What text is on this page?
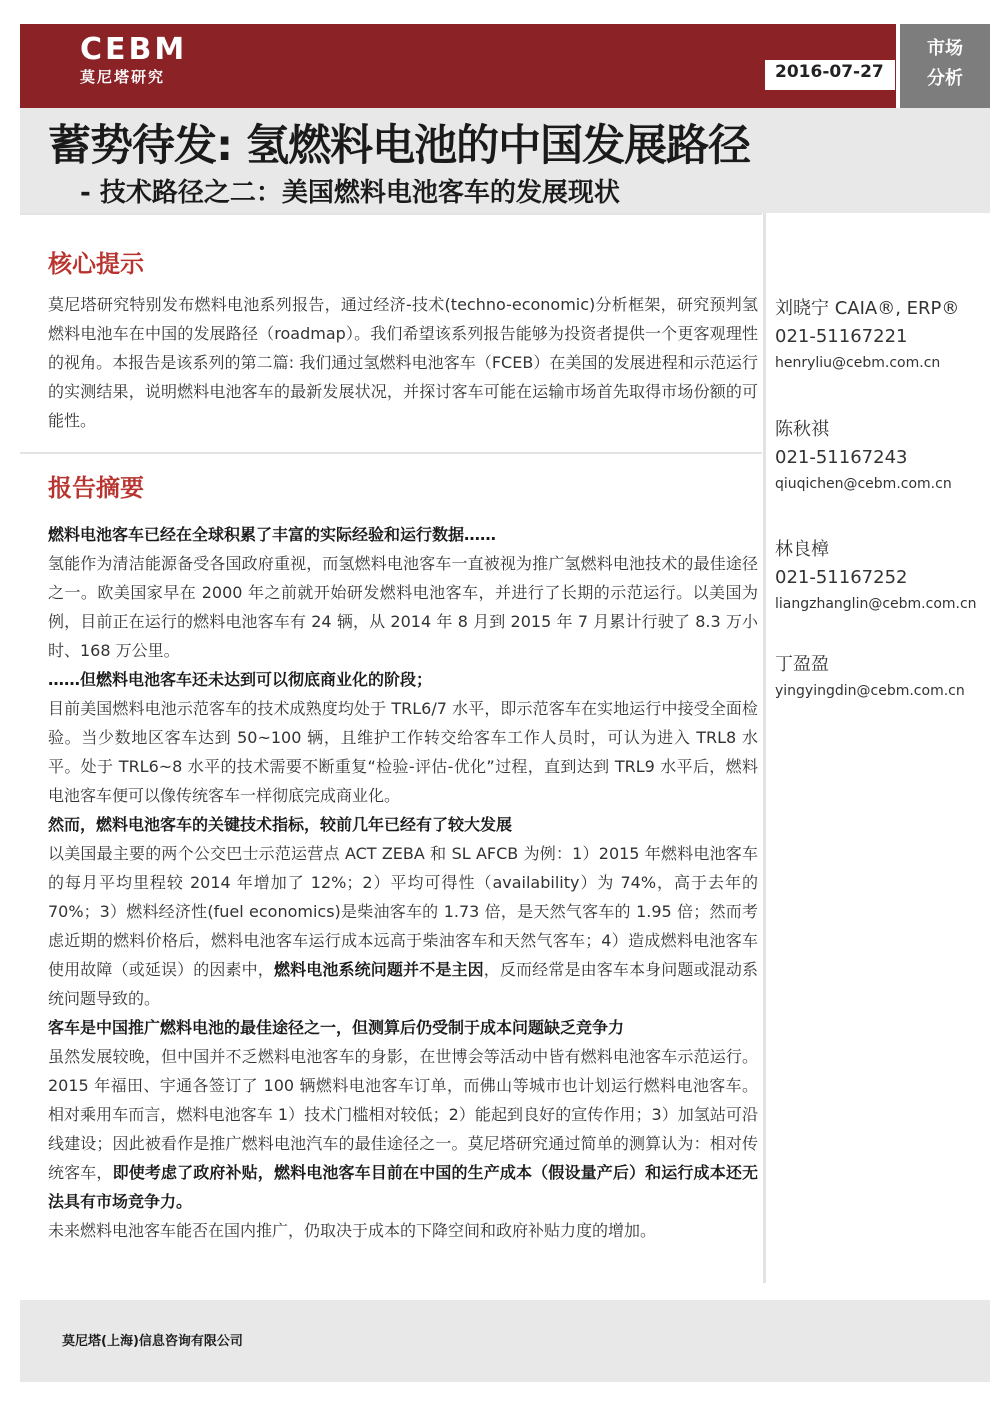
CEBM
莫尼塔研究	2016-07-27
市场
分析
蓄势待发: 氢燃料电池的中国发展路径
- 技术路径之二：美国燃料电池客车的发展现状
核心提示
莫尼塔研究特别发布燃料电池系列报告，通过经济-技术(techno-economic)分析框架，研究预判氢燃料电池车在中国的发展路径（roadmap）。我们希望该系列报告能够为投资者提供一个更客观理性的视角。本报告是该系列的第二篇: 我们通过氢燃料电池客车（FCEB）在美国的发展进程和示范运行的实测结果，说明燃料电池客车的最新发展状况，并探讨客车可能在运输市场首先取得市场份额的可能性。
报告摘要

燃料电池客车已经在全球积累了丰富的实际经验和运行数据……

氢能作为清洁能源备受各国政府重视，而氢燃料电池客车一直被视为推广氢燃料电池技术的最佳途径之一。欧美国家早在 2000 年之前就开始研发燃料电池客车，并进行了长期的示范运行。以美国为例，目前正在运行的燃料电池客车有 24 辆，从 2014 年 8 月到 2015 年 7 月累计行驶了 8.3 万小时、168 万公里。

……但燃料电池客车还未达到可以彻底商业化的阶段；

目前美国燃料电池示范客车的技术成熟度均处于 TRL6/7 水平，即示范客车在实地运行中接受全面检验。当少数地区客车达到 50~100 辆，且维护工作转交给客车工作人员时，可认为进入 TRL8 水平。处于 TRL6~8 水平的技术需要不断重复“检验-评估-优化”过程，直到达到 TRL9 水平后，燃料电池客车便可以像传统客车一样彻底完成商业化。

然而，燃料电池客车的关键技术指标，较前几年已经有了较大发展

以美国最主要的两个公交巴士示范运营点 ACT ZEBA 和 SL AFCB 为例：1）2015 年燃料电池客车的每月平均里程较 2014 年增加了 12%；2）平均可得性（availability）为 74%，高于去年的 70%；3）燃料经济性(fuel economics)是柴油客车的 1.73 倍，是天然气客车的 1.95 倍；然而考虑近期的燃料价格后，燃料电池客车运行成本远高于柴油客车和天然气客车；4）造成燃料电池客车使用故障（或延误）的因素中，燃料电池系统问题并不是主因，反而经常是由客车本身问题或混动系统问题导致的。

客车是中国推广燃料电池的最佳途径之一，但测算后仍受制于成本问题缺乏竞争力

虽然发展较晚，但中国并不乏燃料电池客车的身影，在世博会等活动中皆有燃料电池客车示范运行。2015 年福田、宇通各签订了 100 辆燃料电池客车订单，而佛山等城市也计划运行燃料电池客车。相对乘用车而言，燃料电池客车 1）技术门槛相对较低；2）能起到良好的宣传作用；3）加氢站可沿线建设；因此被看作是推广燃料电池汽车的最佳途径之一。莫尼塔研究通过简单的测算认为：相对传统客车，即使考虑了政府补贴，燃料电池客车目前在中国的生产成本（假设量产后）和运行成本还无法具有市场竞争力。

未来燃料电池客车能否在国内推广，仍取决于成本的下降空间和政府补贴力度的增加。

刘晓宁 CAIA®, ERP®
021-51167221
henryliu@cebm.com.cn
陈秋祺
021-51167243
qiuqichen@cebm.com.cn
林良樟
021-51167252
liangzhanglin@cebm.com.cn
丁盈盈
yingyingdin@cebm.com.cn
莫尼塔(上海)信息咨询有限公司
